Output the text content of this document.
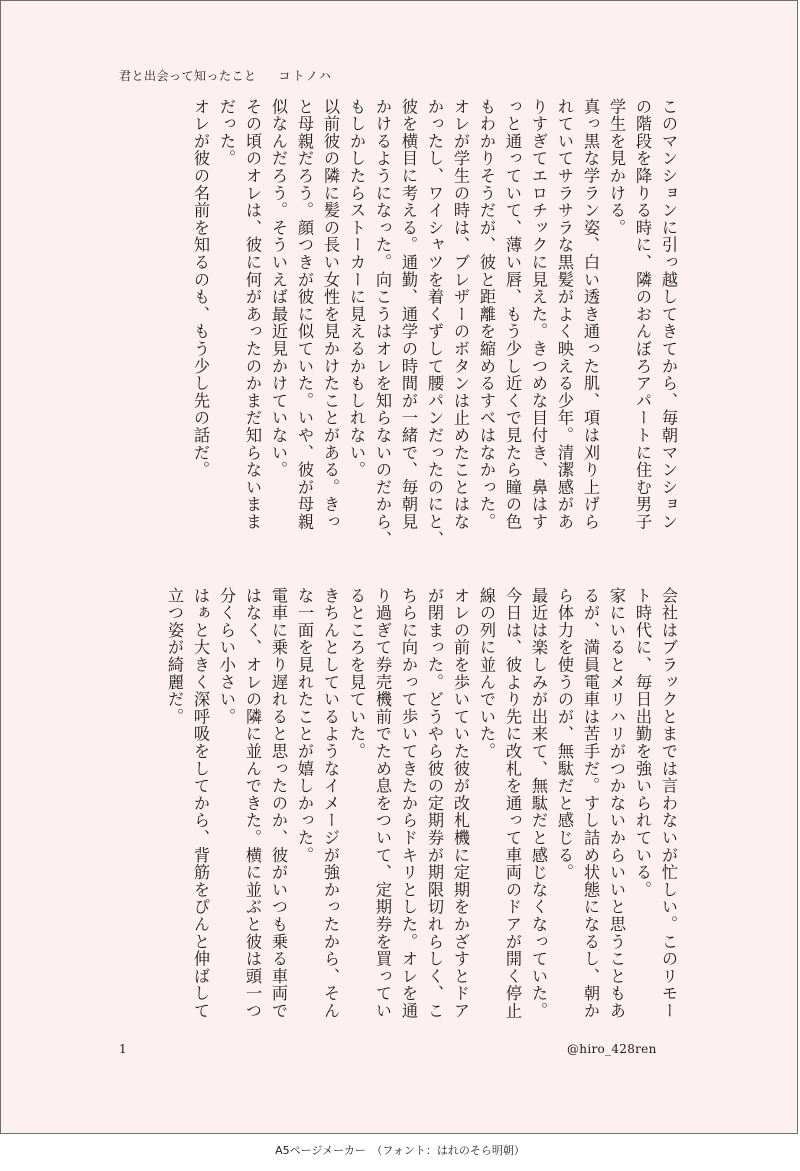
君と出会って知ったこと コトノハ
このマンションに引っ越してきてから、毎朝マンション
の階段を降りる時に、隣のおんぼろアパートに住む男子
学生を見かける。
真っ黒な学ラン姿、白い透き通った肌、項は刈り上げら
れていてサラサラな黒髪がよく映える少年。清潔感があ
りすぎてエロチックに見えた。きつめな目付き、鼻はす
っと通っていて、薄い唇、もう少し近くで見たら瞳の色
もわかりそうだが、彼と距離を縮めるすべはなかった。
オレが学生の時は、ブレザーのボタンは止めたことはな
かったし、ワイシャツを着くずして腰パンだったのにと、
彼を横目に考える。通勤、通学の時間が一緒で、毎朝見
かけるようになった。向こうはオレを知らないのだから、
もしかしたらストーカーに見えるかもしれない。
以前彼の隣に髪の長い女性を見かけたことがある。きっ
と母親だろう。顔つきが彼に似ていた。いや、彼が母親
似なんだろう。そういえば最近見かけていない。
その頃のオレは、彼に何があったのかまだ知らないまま
だった。
オレが彼の名前を知るのも、もう少し先の話だ。
会社はブラックとまでは言わないが忙しい。このリモー
ト時代に、毎日出勤を強いられている。
家にいるとメリハリがつかないからいいと思うこともあ
るが、満員電車は苦手だ。すし詰め状態になるし、朝か
ら体力を使うのが、無駄だと感じる。
最近は楽しみが出来て、無駄だと感じなくなっていた。
今日は、彼より先に改札を通って車両のドアが開く停止
線の列に並んでいた。
オレの前を歩いていた彼が改札機に定期をかざすとドア
が閉まった。どうやら彼の定期券が期限切れらしく、こ
ちらに向かって歩いてきたからドキリとした。オレを通
り過ぎて券売機前でため息をついて、定期券を買ってい
るところを見ていた。
きちんとしているようなイメージが強かったから、そん
な一面を見れたことが嬉しかった。
電車に乗り遅れると思ったのか、彼がいつも乗る車両で
はなく、オレの隣に並んできた。横に並ぶと彼は頭一つ
分くらい小さい。
はぁと大きく深呼吸をしてから、背筋をぴんと伸ばして
立つ姿が綺麗だ。
1	@hiro_428ren
A5ページメーカー　（フォント：はれのそら明朝）
